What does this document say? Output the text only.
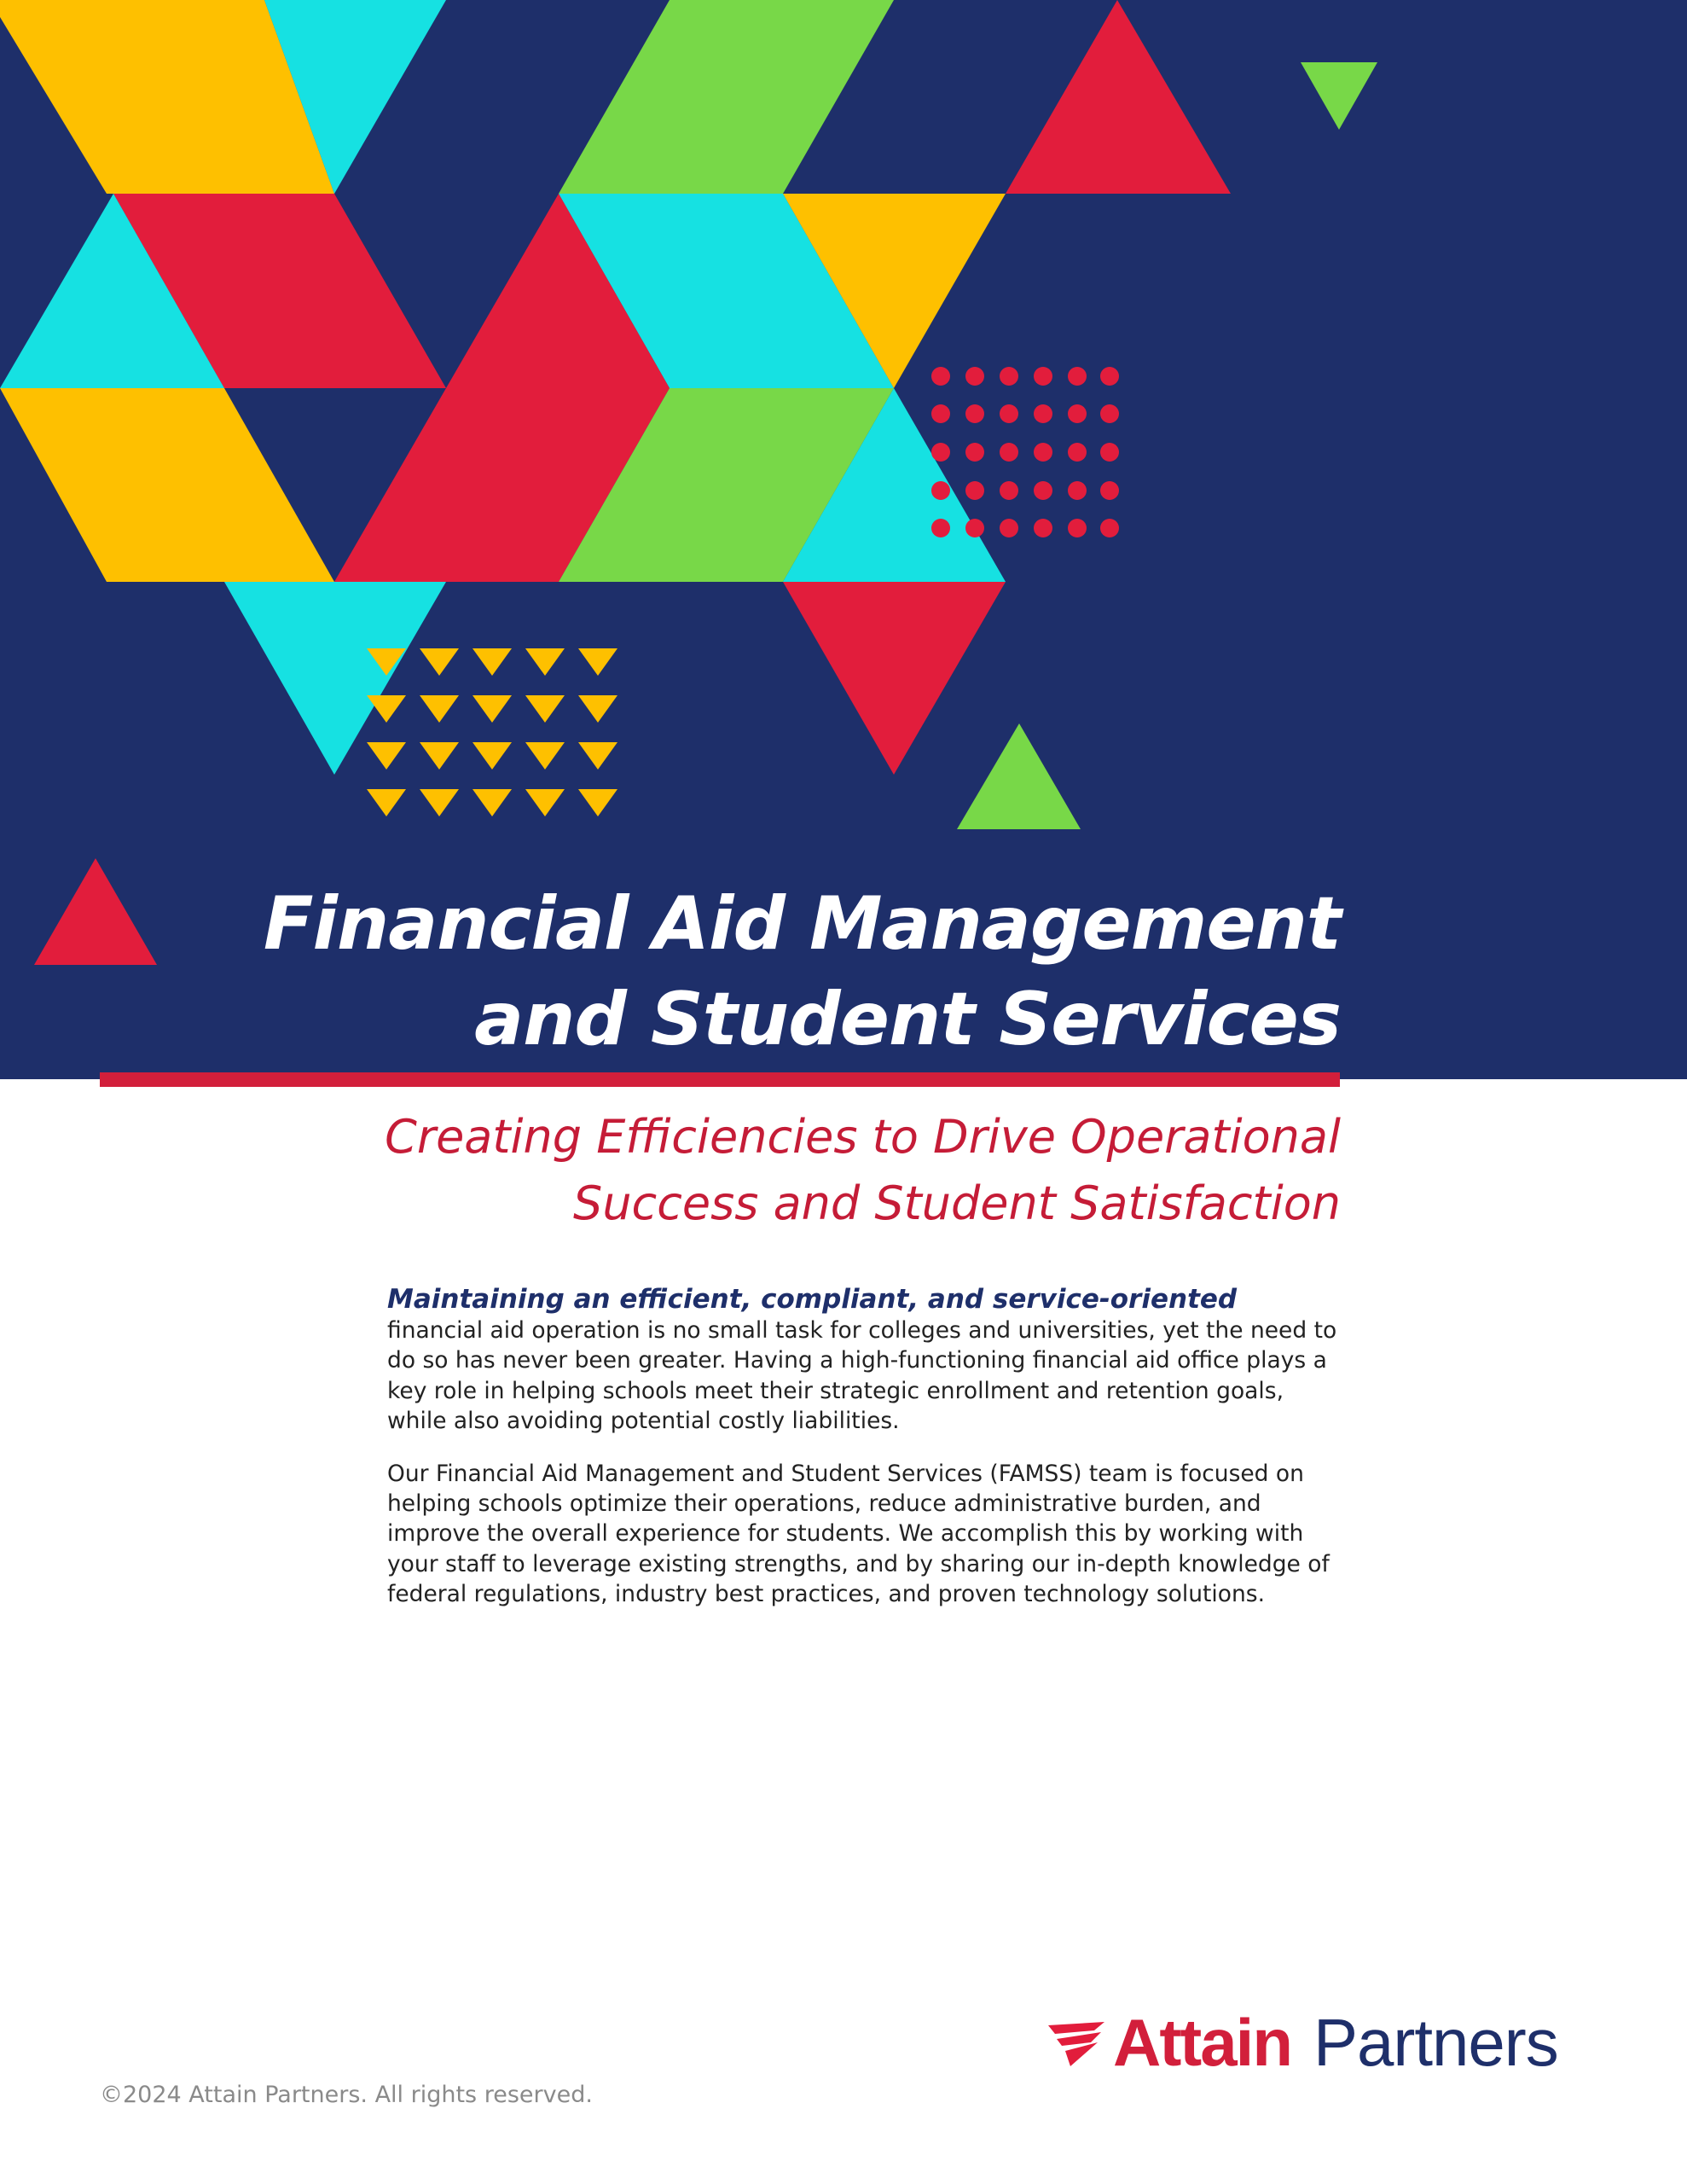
Financial Aid Management
and Student Services
Creating Efficiencies to Drive Operational
Success and Student Satisfaction

Maintaining an efficient, compliant, and service-oriented financial aid operation is no small task for colleges and universities, yet the need to do so has never been greater. Having a high-functioning financial aid office plays a key role in helping schools meet their strategic enrollment and retention goals, while also avoiding potential costly liabilities.

Our Financial Aid Management and Student Services (FAMSS) team is focused on helping schools optimize their operations, reduce administrative burden, and improve the overall experience for students. We accomplish this by working with your staff to leverage existing strengths, and by sharing our in-depth knowledge of federal regulations, industry best practices, and proven technology solutions.

Attain Partners

©2024 Attain Partners. All rights reserved.
